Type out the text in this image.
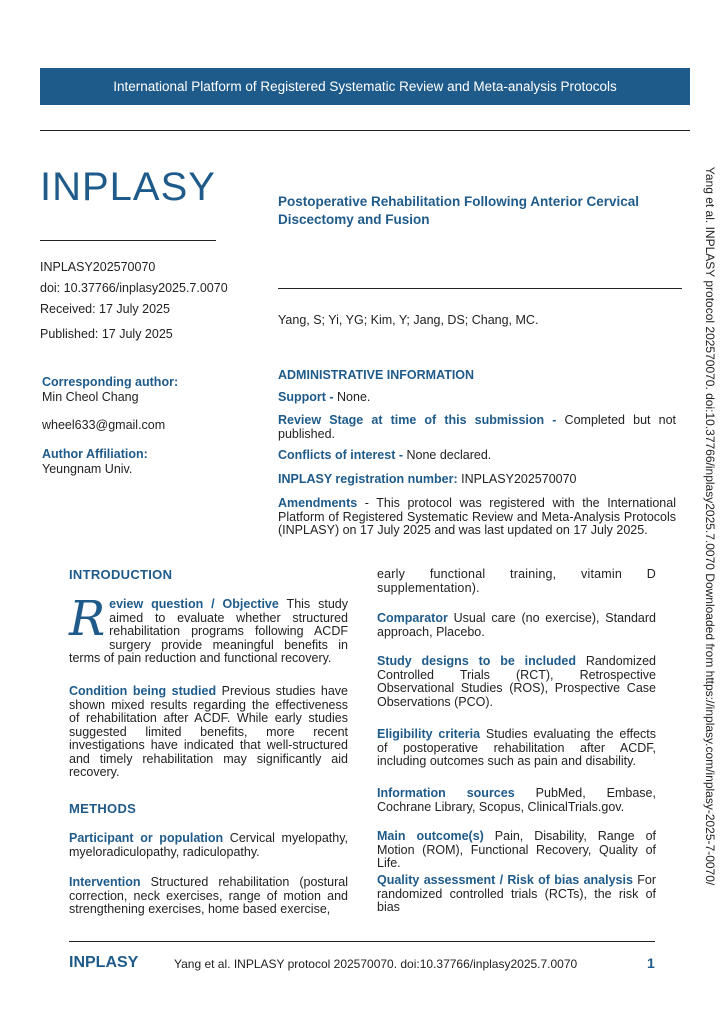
International Platform of Registered Systematic Review and Meta-analysis Protocols
INPLASY
INPLASY202570070
doi: 10.37766/inplasy2025.7.0070
Received: 17 July 2025
Published: 17 July 2025
Postoperative Rehabilitation Following Anterior Cervical Discectomy and Fusion
Yang, S; Yi, YG; Kim, Y; Jang, DS; Chang, MC.
Corresponding author:
Min Cheol Chang
wheel633@gmail.com
Author Affiliation:
Yeungnam Univ.
ADMINISTRATIVE INFORMATION
Support - None.
Review Stage at time of this submission - Completed but not published.
Conflicts of interest - None declared.
INPLASY registration number: INPLASY202570070
Amendments - This protocol was registered with the International Platform of Registered Systematic Review and Meta-Analysis Protocols (INPLASY) on 17 July 2025 and was last updated on 17 July 2025.
INTRODUCTION
Review question / Objective This study aimed to evaluate whether structured rehabilitation programs following ACDF surgery provide meaningful benefits in terms of pain reduction and functional recovery.
Condition being studied Previous studies have shown mixed results regarding the effectiveness of rehabilitation after ACDF. While early studies suggested limited benefits, more recent investigations have indicated that well-structured and timely rehabilitation may significantly aid recovery.
METHODS
Participant or population Cervical myelopathy, myeloradiculopathy, radiculopathy.
Intervention Structured rehabilitation (postural correction, neck exercises, range of motion and strengthening exercises, home based exercise,
early functional training, vitamin D supplementation).
Comparator Usual care (no exercise), Standard approach, Placebo.
Study designs to be included Randomized Controlled Trials (RCT), Retrospective Observational Studies (ROS), Prospective Case Observations (PCO).
Eligibility criteria Studies evaluating the effects of postoperative rehabilitation after ACDF, including outcomes such as pain and disability.
Information sources PubMed, Embase, Cochrane Library, Scopus, ClinicalTrials.gov.
Main outcome(s) Pain, Disability, Range of Motion (ROM), Functional Recovery, Quality of Life.
Quality assessment / Risk of bias analysis For randomized controlled trials (RCTs), the risk of bias
Yang et al. INPLASY protocol 202570070. doi:10.37766/inplasy2025.7.0070 Downloaded from https://inplasy.com/inplasy-2025-7-0070/
INPLASY	Yang et al. INPLASY protocol 202570070. doi:10.37766/inplasy2025.7.0070	1
